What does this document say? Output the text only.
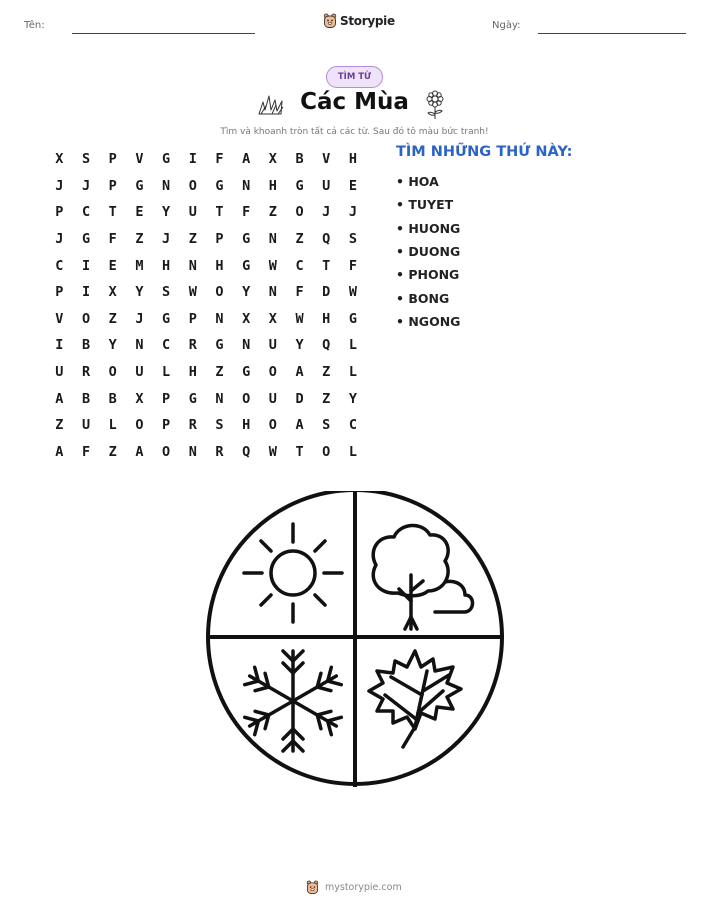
Tên:	Storypie	Ngày:
TÌM TỪ
Các Mùa
Tìm và khoanh tròn tất cả các từ. Sau đó tô màu bức tranh!
X	S	P	V	G	I	F	A	X	B	V	H
J	J	P	G	N	O	G	N	H	G	U	E
P	C	T	E	Y	U	T	F	Z	O	J	J
J	G	F	Z	J	Z	P	G	N	Z	Q	S
C	I	E	M	H	N	H	G	W	C	T	F
P	I	X	Y	S	W	O	Y	N	F	D	W
V	O	Z	J	G	P	N	X	X	W	H	G
I	B	Y	N	C	R	G	N	U	Y	Q	L
U	R	O	U	L	H	Z	G	O	A	Z	L
A	B	B	X	P	G	N	O	U	D	Z	Y
Z	U	L	O	P	R	S	H	O	A	S	C
A	F	Z	A	O	N	R	Q	W	T	O	L
TÌM NHỮNG THỨ NÀY:
• HOA
• TUYET
• HUONG
• DUONG
• PHONG
• BONG
• NGONG
mystorypie.com
